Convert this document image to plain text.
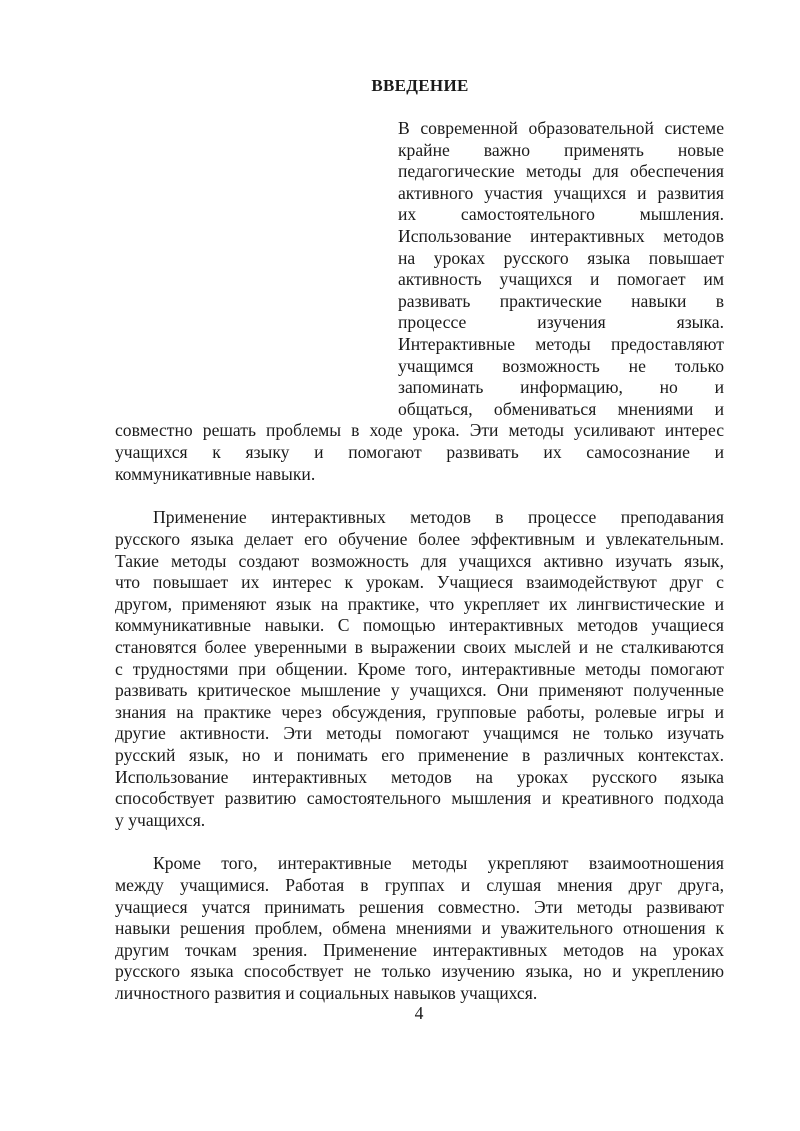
ВВЕДЕНИЕ
В современной образовательной системе
крайне важно применять новые
педагогические методы для обеспечения
активного участия учащихся и развития
их самостоятельного мышления.
Использование интерактивных методов
на уроках русского языка повышает
активность учащихся и помогает им
развивать практические навыки в
процессе изучения языка.
Интерактивные методы предоставляют
учащимся возможность не только
запоминать информацию, но и
общаться, обмениваться мнениями и
совместно решать проблемы в ходе урока. Эти методы усиливают интерес
учащихся к языку и помогают развивать их самосознание и
коммуникативные навыки.
Применение интерактивных методов в процессе преподавания
русского языка делает его обучение более эффективным и увлекательным.
Такие методы создают возможность для учащихся активно изучать язык,
что повышает их интерес к урокам. Учащиеся взаимодействуют друг с
другом, применяют язык на практике, что укрепляет их лингвистические и
коммуникативные навыки. С помощью интерактивных методов учащиеся
становятся более уверенными в выражении своих мыслей и не сталкиваются
с трудностями при общении. Кроме того, интерактивные методы помогают
развивать критическое мышление у учащихся. Они применяют полученные
знания на практике через обсуждения, групповые работы, ролевые игры и
другие активности. Эти методы помогают учащимся не только изучать
русский язык, но и понимать его применение в различных контекстах.
Использование интерактивных методов на уроках русского языка
способствует развитию самостоятельного мышления и креативного подхода
у учащихся.
Кроме того, интерактивные методы укрепляют взаимоотношения
между учащимися. Работая в группах и слушая мнения друг друга,
учащиеся учатся принимать решения совместно. Эти методы развивают
навыки решения проблем, обмена мнениями и уважительного отношения к
другим точкам зрения. Применение интерактивных методов на уроках
русского языка способствует не только изучению языка, но и укреплению
личностного развития и социальных навыков учащихся.
4
